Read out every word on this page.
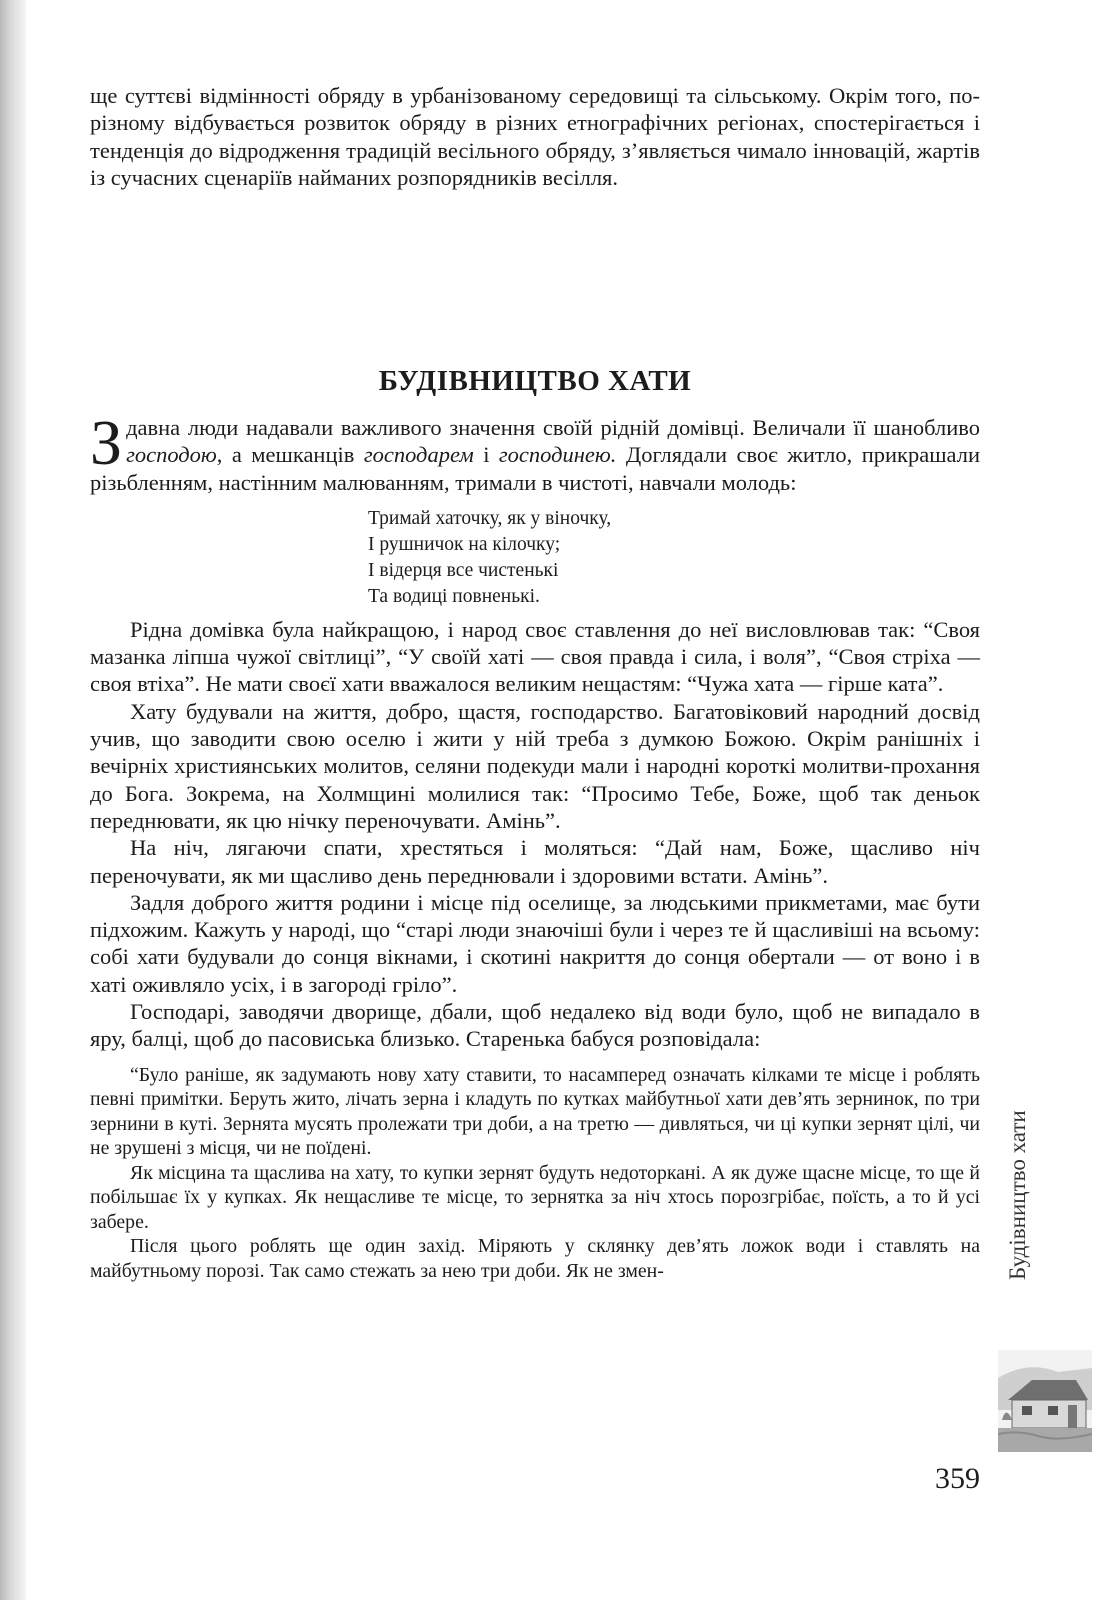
ще суттєві відмінності обряду в урбанізованому середовищі та сільському. Окрім того, по-різному відбувається розвиток обряду в різних етнографічних регіонах, спостерігається і тенденція до відродження традицій весільного обряду, з’являється чимало інновацій, жартів із сучасних сценаріїв найманих розпорядників весілля.

БУДІВНИЦТВО ХАТИ

Здавна люди надавали важливого значення своїй рідній домівці. Величали її шанобливо господою, а мешканців господарем і господинею. Доглядали своє житло, прикрашали різьбленням, настінним малюванням, тримали в чистоті, навчали молодь:

Тримай хаточку, як у віночку,
І рушничок на кілочку;
І відерця все чистенькі
Та водиці повненькі.

Рідна домівка була найкращою, і народ своє ставлення до неї висловлював так: “Своя мазанка ліпша чужої світлиці”, “У своїй хаті — своя правда і сила, і воля”, “Своя стріха — своя втіха”. Не мати своєї хати вважалося великим нещастям: “Чужа хата — гірше ката”.

Хату будували на життя, добро, щастя, господарство. Багатовіковий народний досвід учив, що заводити свою оселю і жити у ній треба з думкою Божою. Окрім ранішніх і вечірніх християнських молитов, селяни подекуди мали і народні короткі молитви-прохання до Бога. Зокрема, на Холмщині молилися так: “Просимо Тебе, Боже, щоб так деньок переднювати, як цю нічку переночувати. Амінь”.

На ніч, лягаючи спати, хрестяться і моляться: “Дай нам, Боже, щасливо ніч переночувати, як ми щасливо день переднювали і здоровими встати. Амінь”.

Задля доброго життя родини і місце під оселище, за людськими прикметами, має бути підхожим. Кажуть у народі, що “старі люди знаючіші були і через те й щасливіші на всьому: собі хати будували до сонця вікнами, і скотині накриття до сонця обертали — от воно і в хаті оживляло усіх, і в загороді гріло”.

Господарі, заводячи дворище, дбали, щоб недалеко від води було, щоб не випадало в яру, балці, щоб до пасовиська близько. Старенька бабуся розповідала:

“Було раніше, як задумають нову хату ставити, то насамперед означать кілками те місце і роблять певні примітки. Беруть жито, лічать зерна і кладуть по кутках майбутньої хати дев’ять зернинок, по три зернини в куті. Зернята мусять пролежати три доби, а на третю — дивляться, чи ці купки зернят цілі, чи не зрушені з місця, чи не поїдені.

Як місцина та щаслива на хату, то купки зернят будуть недоторкані. А як дуже щасне місце, то ще й побільшає їх у купках. Як нещасливе те місце, то зернятка за ніч хтось порозгрібає, поїсть, а то й усі забере.

Після цього роблять ще один захід. Міряють у склянку дев’ять ложок води і ставлять на майбутньому порозі. Так само стежать за нею три доби. Як не змен-	Будівництво хати
359
